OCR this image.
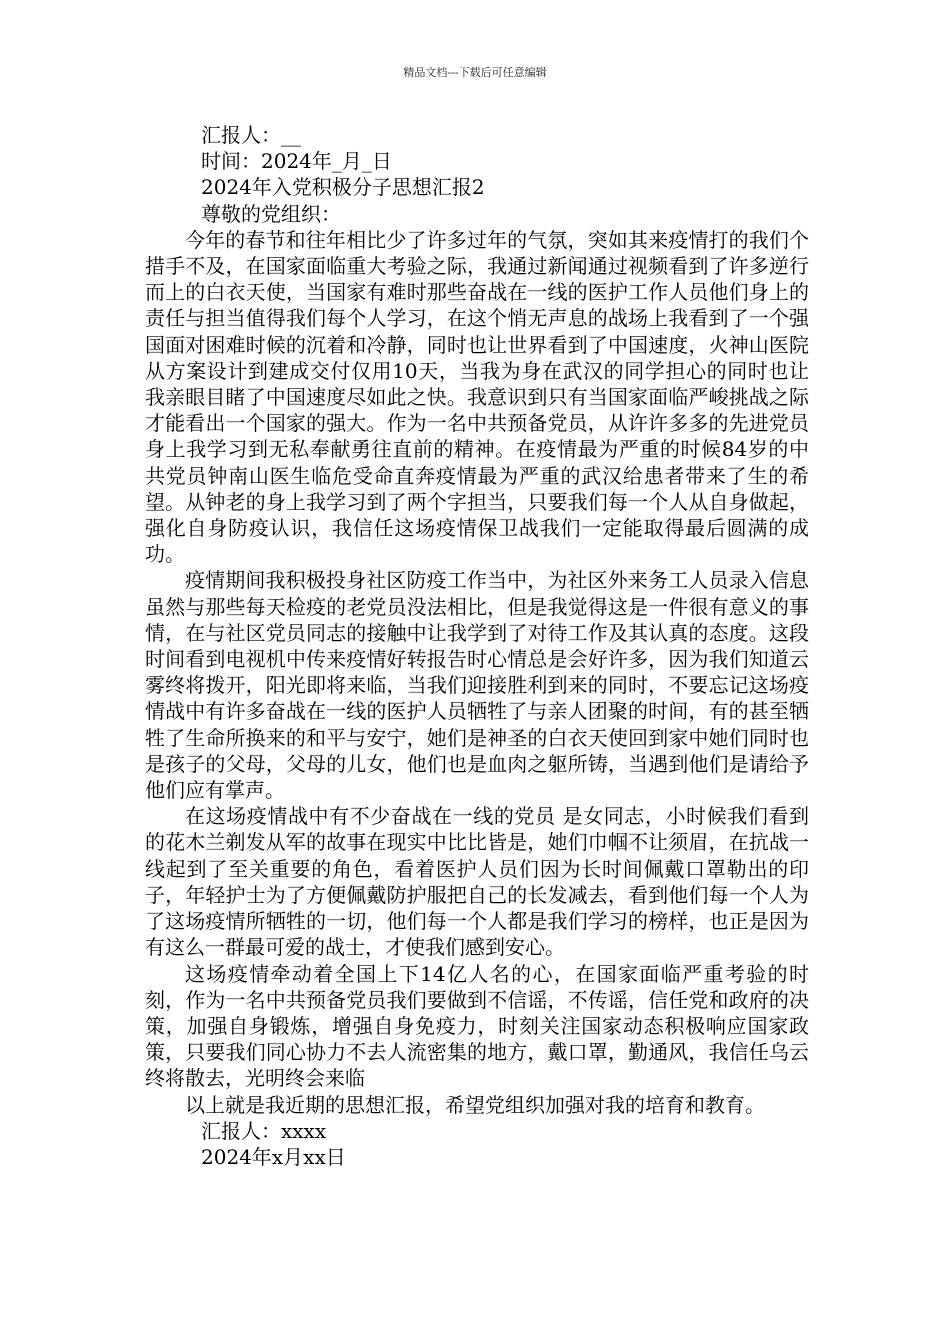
精品文档---下载后可任意编辑

汇报人：__

时间：2024年_月_日

2024年入党积极分子思想汇报2

尊敬的党组织：

今年的春节和往年相比少了许多过年的气氛，突如其来疫情打的我们个措手不及，在国家面临重大考验之际，我通过新闻通过视频看到了许多逆行而上的白衣天使，当国家有难时那些奋战在一线的医护工作人员他们身上的责任与担当值得我们每个人学习，在这个悄无声息的战场上我看到了一个强国面对困难时候的沉着和冷静，同时也让世界看到了中国速度，火神山医院从方案设计到建成交付仅用10天，当我为身在武汉的同学担心的同时也让我亲眼目睹了中国速度尽如此之快。我意识到只有当国家面临严峻挑战之际才能看出一个国家的强大。作为一名中共预备党员，从许许多多的先进党员身上我学习到无私奉献勇往直前的精神。在疫情最为严重的时候84岁的中共党员钟南山医生临危受命直奔疫情最为严重的武汉给患者带来了生的希望。从钟老的身上我学习到了两个字担当，只要我们每一个人从自身做起，强化自身防疫认识，我信任这场疫情保卫战我们一定能取得最后圆满的成功。

疫情期间我积极投身社区防疫工作当中，为社区外来务工人员录入信息虽然与那些每天检疫的老党员没法相比，但是我觉得这是一件很有意义的事情，在与社区党员同志的接触中让我学到了对待工作及其认真的态度。这段时间看到电视机中传来疫情好转报告时心情总是会好许多，因为我们知道云雾终将拨开，阳光即将来临，当我们迎接胜利到来的同时，不要忘记这场疫情战中有许多奋战在一线的医护人员牺牲了与亲人团聚的时间，有的甚至牺牲了生命所换来的和平与安宁，她们是神圣的白衣天使回到家中她们同时也是孩子的父母，父母的儿女，他们也是血肉之躯所铸，当遇到他们是请给予他们应有掌声。

在这场疫情战中有不少奋战在一线的党员 是女同志，小时候我们看到的花木兰剃发从军的故事在现实中比比皆是，她们巾帼不让须眉，在抗战一线起到了至关重要的角色，看着医护人员们因为长时间佩戴口罩勒出的印子，年轻护士为了方便佩戴防护服把自己的长发减去，看到他们每一个人为了这场疫情所牺牲的一切，他们每一个人都是我们学习的榜样，也正是因为有这么一群最可爱的战士，才使我们感到安心。

这场疫情牵动着全国上下14亿人名的心，在国家面临严重考验的时刻，作为一名中共预备党员我们要做到不信谣，不传谣，信任党和政府的决策，加强自身锻炼，增强自身免疫力，时刻关注国家动态积极响应国家政策，只要我们同心协力不去人流密集的地方，戴口罩，勤通风，我信任乌云终将散去，光明终会来临

以上就是我近期的思想汇报，希望党组织加强对我的培育和教育。

汇报人：xxxx

2024年x月xx日
